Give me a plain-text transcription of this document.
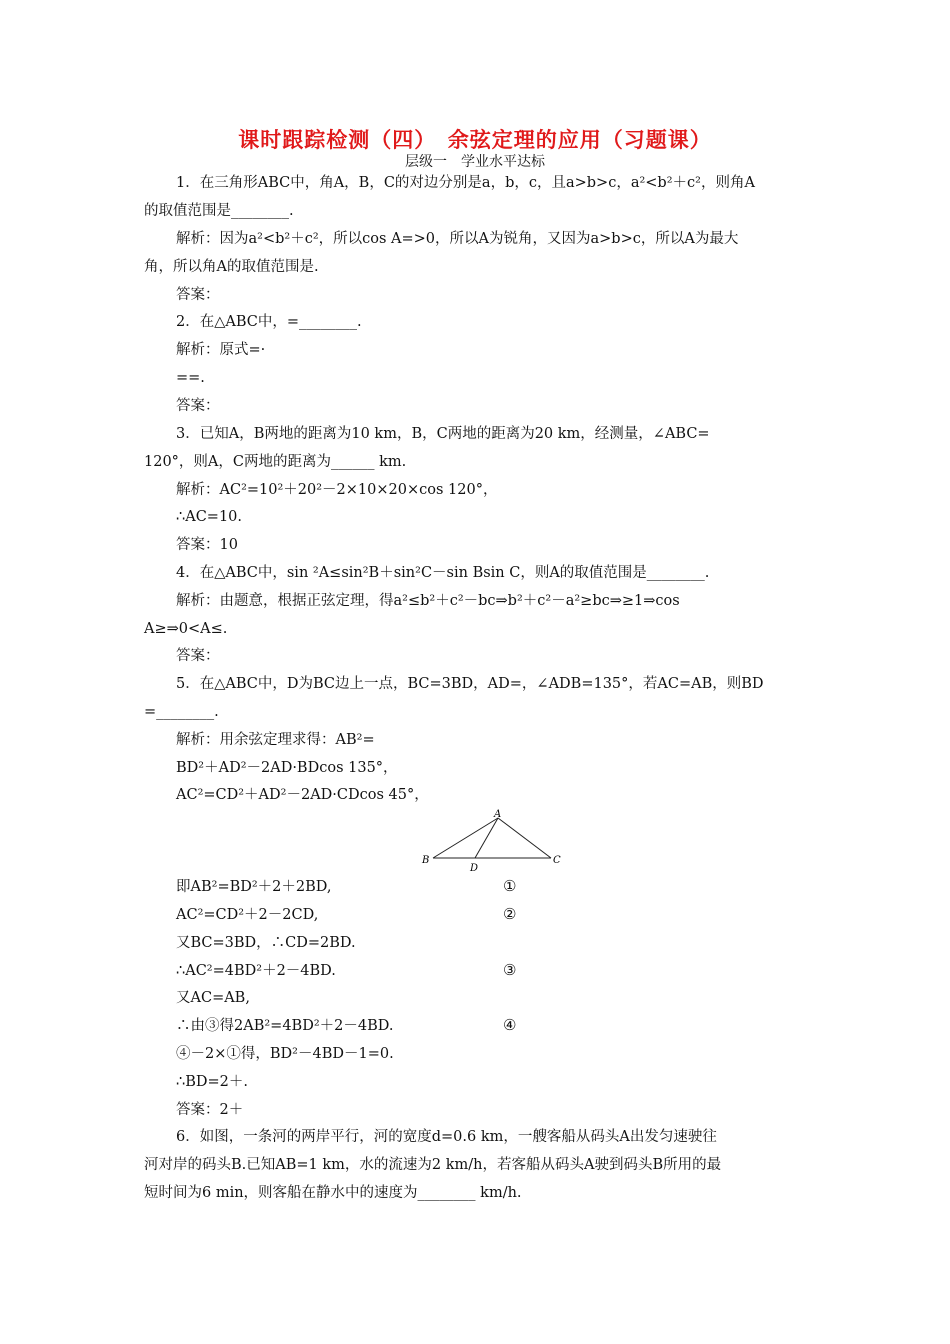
课时跟踪检测（四）　余弦定理的应用（习题课）
层级一　学业水平达标
1．在三角形ABC中，角A，B，C的对边分别是a，b，c，且a>b>c，a²<b²＋c²，则角A
的取值范围是________.
解析：因为a²<b²＋c²，所以cos A=>0，所以A为锐角，又因为a>b>c，所以A为最大
角，所以角A的取值范围是.
答案：
2．在△ABC中，=________.
解析：原式=·
==.
答案：
3．已知A，B两地的距离为10 km，B，C两地的距离为20 km，经测量，∠ABC=
120°，则A，C两地的距离为______ km.
解析：AC²=10²＋20²－2×10×20×cos 120°，
∴AC=10.
答案：10
4．在△ABC中，sin ²A≤sin²B＋sin²C－sin Bsin C，则A的取值范围是________.
解析：由题意，根据正弦定理，得a²≤b²＋c²－bc⇒b²＋c²－a²≥bc⇒≥1⇒cos
A≥⇒0<A≤.
答案：
5．在△ABC中，D为BC边上一点，BC=3BD，AD=，∠ADB=135°，若AC=AB，则BD
=________.
解析：用余弦定理求得：AB²=
BD²＋AD²－2AD·BDcos 135°，
AC²=CD²＋AD²－2AD·CDcos 45°，
A
B	C
D
即AB²=BD²＋2＋2BD,	①
AC²=CD²＋2－2CD,	②
又BC=3BD，∴CD=2BD.
∴AC²=4BD²＋2－4BD.	③
又AC=AB,
∴由③得2AB²=4BD²＋2－4BD.	④
④－2×①得，BD²－4BD－1=0.
∴BD=2＋.
答案：2＋
6．如图，一条河的两岸平行，河的宽度d=0.6 km，一艘客船从码头A出发匀速驶往
河对岸的码头B.已知AB=1 km，水的流速为2 km/h，若客船从码头A驶到码头B所用的最
短时间为6 min，则客船在静水中的速度为________ km/h.
